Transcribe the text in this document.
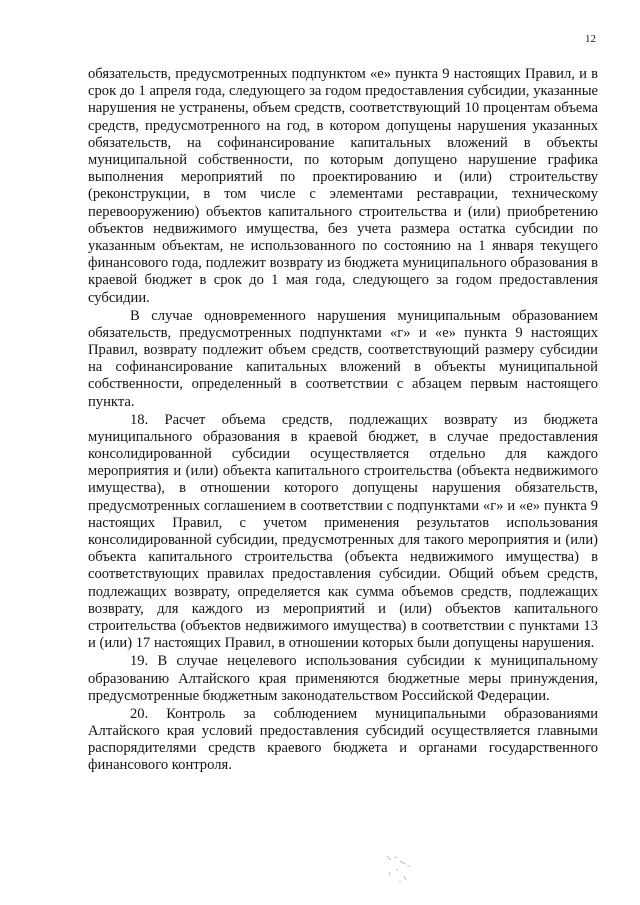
12

обязательств, предусмотренных подпунктом «е» пункта 9 настоящих Правил, и в срок до 1 апреля года, следующего за годом предоставления субсидии, указанные нарушения не устранены, объем средств, соответствующий 10 процентам объема средств, предусмотренного на год, в котором допущены нарушения указанных обязательств, на софинансирование капитальных вложений в объекты муниципальной собственности, по которым допущено нарушение графика выполнения мероприятий по проектированию и (или) строительству (реконструкции, в том числе с элементами реставрации, техническому перевооружению) объектов капитального строительства и (или) приобретению объектов недвижимого имущества, без учета размера остатка субсидии по указанным объектам, не использованного по состоянию на 1 января текущего финансового года, подлежит возврату из бюджета муниципального образования в краевой бюджет в срок до 1 мая года, следующего за годом предоставления субсидии.

В случае одновременного нарушения муниципальным образованием обязательств, предусмотренных подпунктами «г» и «е» пункта 9 настоящих Правил, возврату подлежит объем средств, соответствующий размеру субсидии на софинансирование капитальных вложений в объекты муниципальной собственности, определенный в соответствии с абзацем первым настоящего пункта.

18. Расчет объема средств, подлежащих возврату из бюджета муниципального образования в краевой бюджет, в случае предоставления консолидированной субсидии осуществляется отдельно для каждого мероприятия и (или) объекта капитального строительства (объекта недвижимого имущества), в отношении которого допущены нарушения обязательств, предусмотренных соглашением в соответствии с подпунктами «г» и «е» пункта 9 настоящих Правил, с учетом применения результатов использования консолидированной субсидии, предусмотренных для такого мероприятия и (или) объекта капитального строительства (объекта недвижимого имущества) в соответствующих правилах предоставления субсидии. Общий объем средств, подлежащих возврату, определяется как сумма объемов средств, подлежащих возврату, для каждого из мероприятий и (или) объектов капитального строительства (объектов недвижимого имущества) в соответствии с пунктами 13 и (или) 17 настоящих Правил, в отношении которых были допущены нарушения.

19. В случае нецелевого использования субсидии к муниципальному образованию Алтайского края применяются бюджетные меры принуждения, предусмотренные бюджетным законодательством Российской Федерации.

20. Контроль за соблюдением муниципальными образованиями Алтайского края условий предоставления субсидий осуществляется главными распорядителями средств краевого бюджета и органами государственного финансового контроля.
